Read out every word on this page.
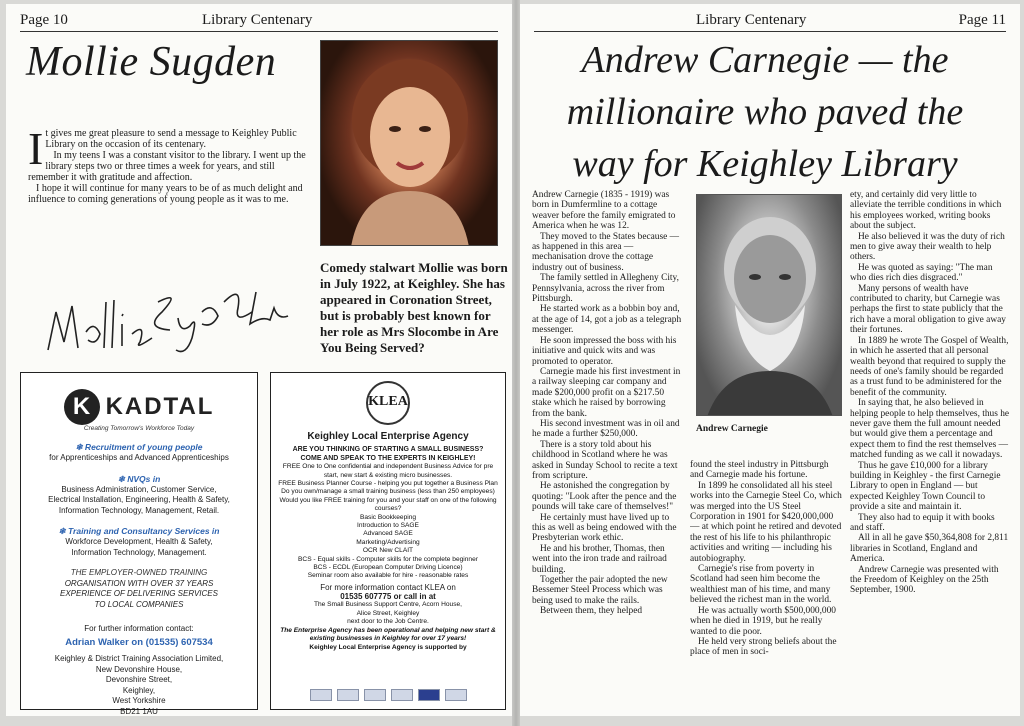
Page 10	Library Centenary
Mollie Sugden
I t gives me great pleasure to send a message to Keighley Public Library on the occasion of its centenary.

In my teens I was a constant visitor to the library. I went up the library steps two or three times a week for years, and still remember it with gratitude and affection.

I hope it will continue for many years to be of as much delight and influence to coming generations of young people as it was to me.

Comedy stalwart Mollie was born in July 1922, at Keighley. She has appeared in Coronation Street, but is probably best known for her role as Mrs Slocombe in Are You Being Served?
K KADTAL
Creating Tomorrow's Workforce Today
❄ Recruitment of young people
for Apprenticeships and Advanced Apprenticeships
❄ NVQs in
Business Administration, Customer Service,
Electrical Installation, Engineering, Health & Safety,
Information Technology, Management, Retail.
❄ Training and Consultancy Services in
Workforce Development, Health & Safety,
Information Technology, Management.
THE EMPLOYER-OWNED TRAINING
ORGANISATION WITH OVER 37 YEARS
EXPERIENCE OF DELIVERING SERVICES
TO LOCAL COMPANIES
For further information contact:
Adrian Walker on (01535) 607534
Keighley & District Training Association Limited,
New Devonshire House,
Devonshire Street,
Keighley,
West Yorkshire
BD21 1AU
KLEA
Keighley Local Enterprise Agency
ARE YOU THINKING OF STARTING A SMALL BUSINESS?
COME AND SPEAK TO THE EXPERTS IN KEIGHLEY!
FREE One to One confidential and independent Business Advice for pre start, new start & existing micro businesses.
FREE Business Planner Course - helping you put together a Business Plan
Do you own/manage a small training business (less than 250 employees)
Would you like FREE training for you and your staff on one of the following courses?
Basic Bookkeeping
Introduction to SAGE
Advanced SAGE
Marketing/Advertising
OCR New CLAIT
BCS - Equal skills - Computer skills for the complete beginner
BCS - ECDL (European Computer Driving Licence)
Seminar room also available for hire - reasonable rates
For more information contact KLEA on
01535 607775 or call in at
The Small Business Support Centre, Acorn House,
Alice Street, Keighley
next door to the Job Centre.
The Enterprise Agency has been operational and helping new start &
existing businesses in Keighley for over 17 years!
Keighley Local Enterprise Agency is supported by
Library Centenary	Page 11
Andrew Carnegie — the
millionaire who paved the
way for Keighley Library

Andrew Carnegie (1835 - 1919) was born in Dumfermline to a cottage weaver before the family emigrated to America when he was 12.

They moved to the States because — as happened in this area — mechanisation drove the cottage industry out of business.

The family settled in Allegheny City, Pennsylvania, across the river from Pittsburgh.

He started work as a bobbin boy and, at the age of 14, got a job as a telegraph messenger.

He soon impressed the boss with his initiative and quick wits and was promoted to operator.

Carnegie made his first investment in a railway sleeping car company and made $200,000 profit on a $217.50 stake which he raised by borrowing from the bank.

His second investment was in oil and he made a further $250,000.

There is a story told about his childhood in Scotland where he was asked in Sunday School to recite a text from scripture.

He astonished the congregation by quoting: "Look after the pence and the pounds will take care of themselves!"

He certainly must have lived up to this as well as being endowed with the Presbyterian work ethic.

He and his brother, Thomas, then went into the iron trade and railroad building.

Together the pair adopted the new Bessemer Steel Process which was being used to make the rails.

Between them, they helped

Andrew Carnegie

found the steel industry in Pittsburgh and Carnegie made his fortune.

In 1899 he consolidated all his steel works into the Carnegie Steel Co, which was merged into the US Steel Corporation in 1901 for $420,000,000 — at which point he retired and devoted the rest of his life to his philanthropic activities and writing — including his autobiography.

Carnegie's rise from poverty in Scotland had seen him become the wealthiest man of his time, and many believed the richest man in the world.

He was actually worth $500,000,000 when he died in 1919, but he really wanted to die poor.

He held very strong beliefs about the place of men in soci-

ety, and certainly did very little to alleviate the terrible conditions in which his employees worked, writing books about the subject.

He also believed it was the duty of rich men to give away their wealth to help others.

He was quoted as saying: "The man who dies rich dies disgraced."

Many persons of wealth have contributed to charity, but Carnegie was perhaps the first to state publicly that the rich have a moral obligation to give away their fortunes.

In 1889 he wrote The Gospel of Wealth, in which he asserted that all personal wealth beyond that required to supply the needs of one's family should be regarded as a trust fund to be administered for the benefit of the community.

In saying that, he also believed in helping people to help themselves, thus he never gave them the full amount needed but would give them a percentage and expect them to find the rest themselves — matched funding as we call it nowadays.

Thus he gave £10,000 for a library building in Keighley - the first Carnegie Library to open in England — but expected Keighley Town Council to provide a site and maintain it.

They also had to equip it with books and staff.

All in all he gave $50,364,808 for 2,811 libraries in Scotland, England and America.

Andrew Carnegie was presented with the Freedom of Keighley on the 25th September, 1900.
